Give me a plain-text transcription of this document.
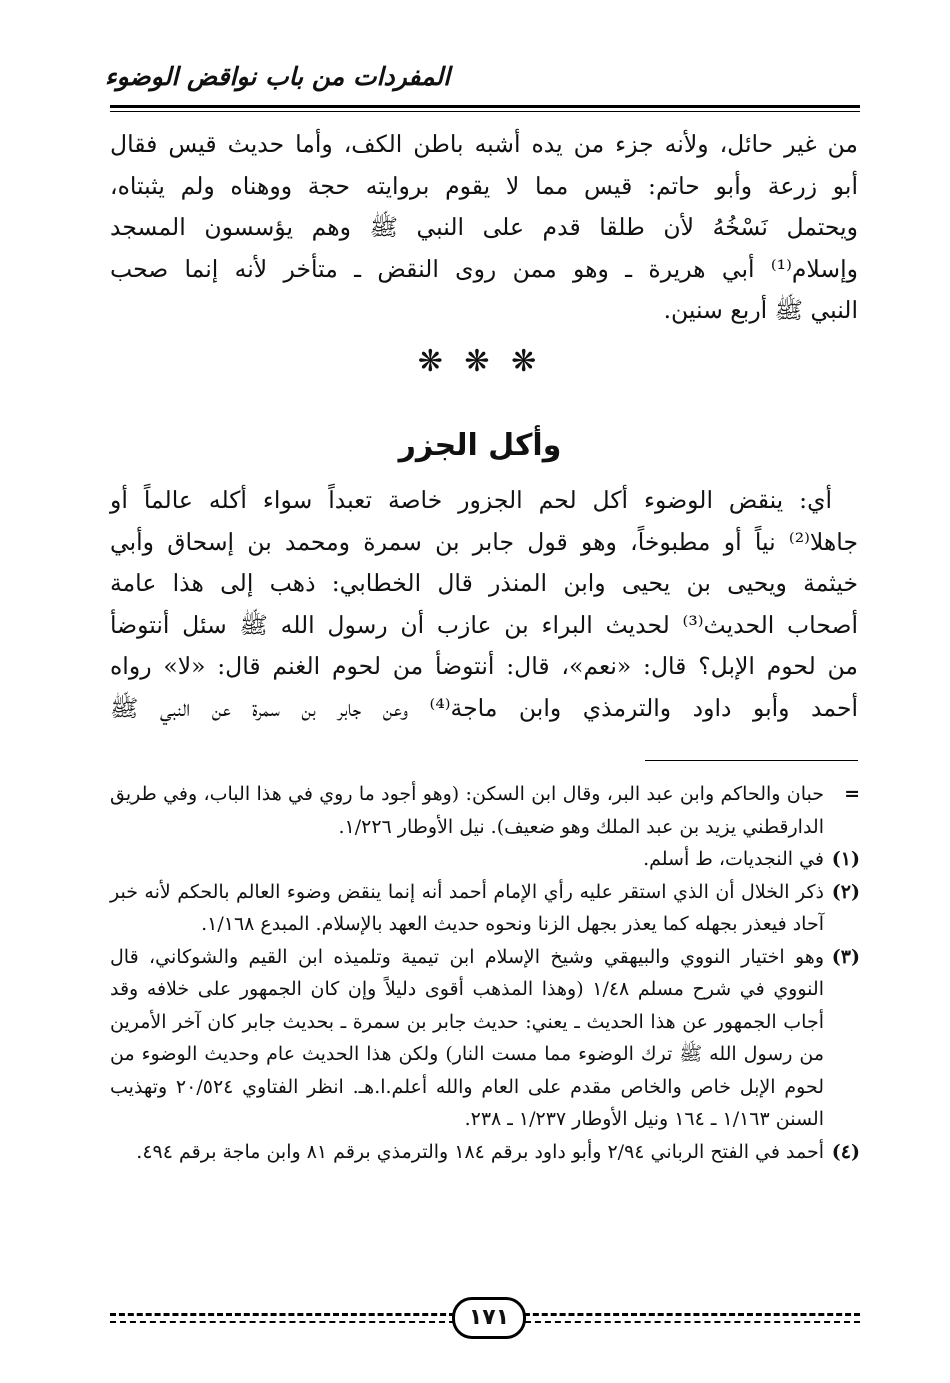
المفردات من باب نواقض الوضوء
من غير حائل، ولأنه جزء من يده أشبه باطن الكف، وأما حديث قيس فقال
أبو زرعة وأبو حاتم: قيس مما لا يقوم بروايته حجة ووهناه ولم يثبتاه،
ويحتمل نَسْخُهُ لأن طلقا قدم على النبي ﷺ وهم يؤسسون المسجد
وإسلام⁽¹⁾ أبي هريرة ـ وهو ممن روى النقض ـ متأخر لأنه إنما صحب
النبي ﷺ أربع سنين.
❋ ❋ ❋
وأكل الجزر
أي: ينقض الوضوء أكل لحم الجزور خاصة تعبداً سواء أكله عالماً أو
جاهلا⁽²⁾ نياً أو مطبوخاً، وهو قول جابر بن سمرة ومحمد بن إسحاق وأبي
خيثمة ويحيى بن يحيى وابن المنذر قال الخطابي: ذهب إلى هذا عامة
أصحاب الحديث⁽³⁾ لحديث البراء بن عازب أن رسول الله ﷺ سئل أنتوضأ
من لحوم الإبل؟ قال: «نعم»، قال: أنتوضأ من لحوم الغنم قال: «لا» رواه
أحمد وأبو داود والترمذي وابن ماجة⁽⁴⁾ وعن جابر بن سمرة عن النبي ﷺ
=
حبان والحاكم وابن عبد البر، وقال ابن السكن: (وهو أجود ما روي في هذا الباب، وفي طريق الدارقطني يزيد بن عبد الملك وهو ضعيف). نيل الأوطار ١/٢٢٦.
(١)
في النجديات، ط أسلم.
(٢)
ذكر الخلال أن الذي استقر عليه رأي الإمام أحمد أنه إنما ينقض وضوء العالم بالحكم لأنه خبر آحاد فيعذر بجهله كما يعذر بجهل الزنا ونحوه حديث العهد بالإسلام. المبدع ١/١٦٨.
(٣)
وهو اختيار النووي والبيهقي وشيخ الإسلام ابن تيمية وتلميذه ابن القيم والشوكاني، قال النووي في شرح مسلم ١/٤٨ (وهذا المذهب أقوى دليلاً وإن كان الجمهور على خلافه وقد أجاب الجمهور عن هذا الحديث ـ يعني: حديث جابر بن سمرة ـ بحديث جابر كان آخر الأمرين من رسول الله ﷺ ترك الوضوء مما مست النار) ولكن هذا الحديث عام وحديث الوضوء من لحوم الإبل خاص والخاص مقدم على العام والله أعلم.ا.هـ. انظر الفتاوي ٢٠/٥٢٤ وتهذيب السنن ١/١٦٣ ـ ١٦٤ ونيل الأوطار ١/٢٣٧ ـ ٢٣٨.
(٤)
أحمد في الفتح الرباني ٢/٩٤ وأبو داود برقم ١٨٤ والترمذي برقم ٨١ وابن ماجة برقم ٤٩٤.
١٧١
